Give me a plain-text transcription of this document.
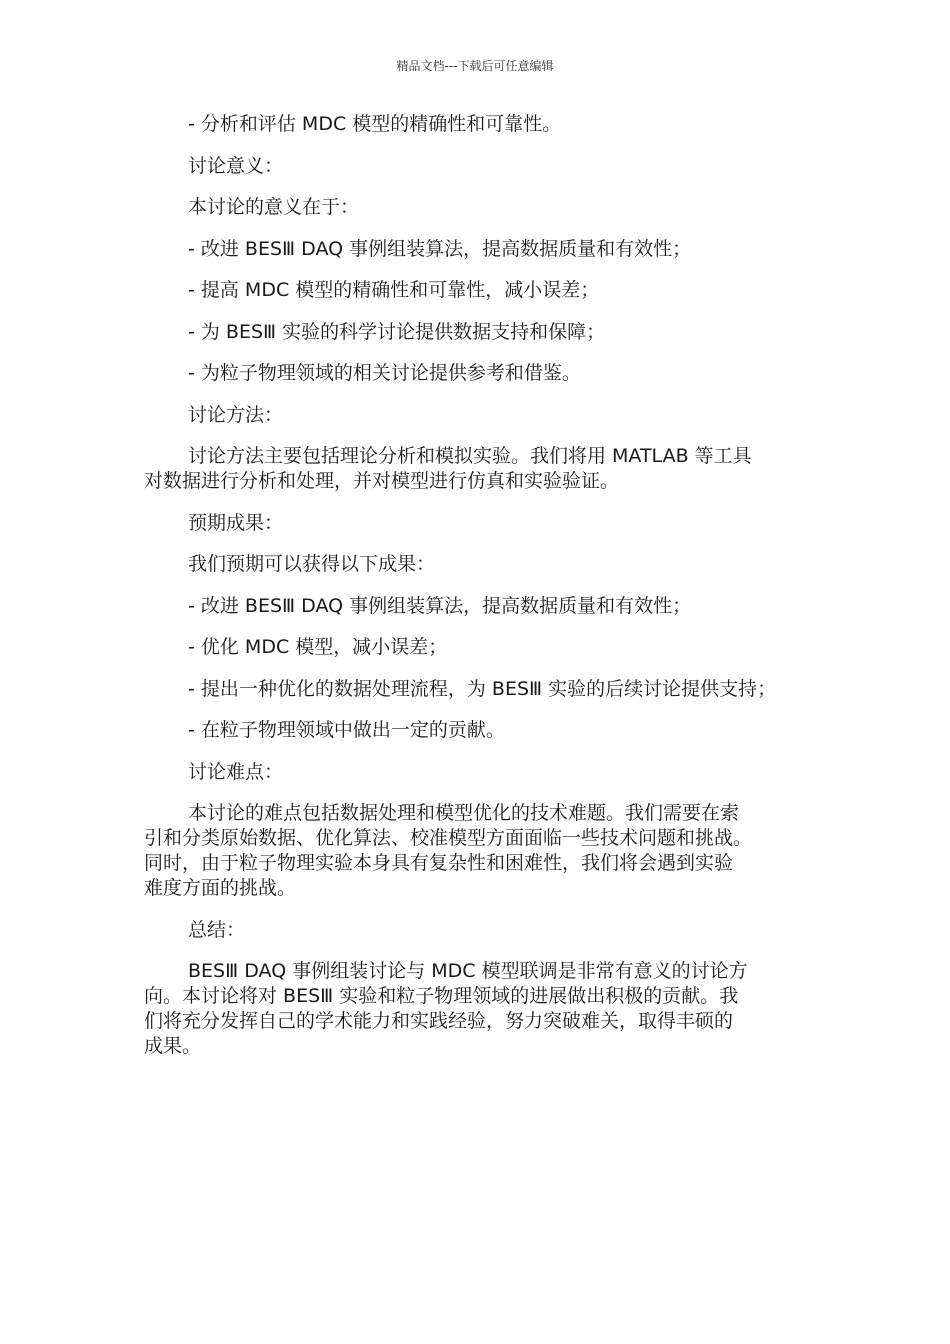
精品文档---下载后可任意编辑

- 分析和评估 MDC 模型的精确性和可靠性。

讨论意义：

本讨论的意义在于：

- 改进 BESⅢ DAQ 事例组装算法，提高数据质量和有效性；

- 提高 MDC 模型的精确性和可靠性，减小误差；

- 为 BESⅢ 实验的科学讨论提供数据支持和保障；

- 为粒子物理领域的相关讨论提供参考和借鉴。

讨论方法：

讨论方法主要包括理论分析和模拟实验。我们将用 MATLAB 等工具
对数据进行分析和处理，并对模型进行仿真和实验验证。

预期成果：

我们预期可以获得以下成果：

- 改进 BESⅢ DAQ 事例组装算法，提高数据质量和有效性；

- 优化 MDC 模型，减小误差；

- 提出一种优化的数据处理流程，为 BESⅢ 实验的后续讨论提供支持；

- 在粒子物理领域中做出一定的贡献。

讨论难点：

本讨论的难点包括数据处理和模型优化的技术难题。我们需要在索
引和分类原始数据、优化算法、校准模型方面面临一些技术问题和挑战。
同时，由于粒子物理实验本身具有复杂性和困难性，我们将会遇到实验
难度方面的挑战。

总结：

BESⅢ DAQ 事例组装讨论与 MDC 模型联调是非常有意义的讨论方
向。本讨论将对 BESⅢ 实验和粒子物理领域的进展做出积极的贡献。我
们将充分发挥自己的学术能力和实践经验，努力突破难关，取得丰硕的
成果。
